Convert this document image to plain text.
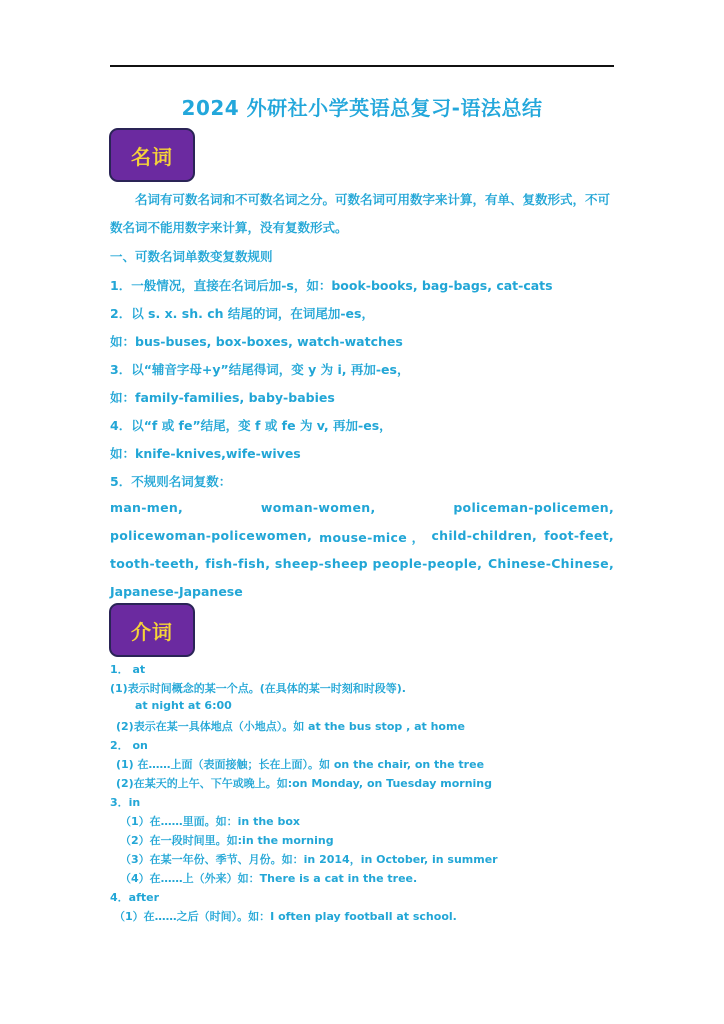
2024 外研社小学英语总复习-语法总结
名词
名词有可数名词和不可数名词之分。可数名词可用数字来计算，有单、复数形式，不可数名词不能用数字来计算，没有复数形式。
一、可数名词单数变复数规则
1．一般情况，直接在名词后加-s，如：book-books, bag-bags, cat-cats
2．以 s. x. sh. ch 结尾的词，在词尾加-es，
如：bus-buses, box-boxes, watch-watches
3．以“辅音字母+y”结尾得词，变 y 为 i, 再加-es，
如：family-families, baby-babies
4．以“f 或 fe”结尾，变 f 或 fe 为 v, 再加-es，
如：knife-knives,wife-wives
5．不规则名词复数：
man-men,	woman-women,	policeman-policemen,
policewoman-policewomen, mouse-mice ， child-children, foot-feet,
tooth-teeth, fish-fish, sheep-sheep people-people, Chinese-Chinese,
Japanese-Japanese
介词
1． at
(1)表示时间概念的某一个点。(在具体的某一时刻和时段等).
at night at 6:00
(2)表示在某一具体地点（小地点）。如 at the bus stop , at home
2． on
(1) 在……上面（表面接触；长在上面）。如 on the chair, on the tree
(2)在某天的上午、下午或晚上。如:on Monday, on Tuesday morning
3．in
（1）在……里面。如：in the box
（2）在一段时间里。如:in the morning
（3）在某一年份、季节、月份。如：in 2014，in October, in summer
（4）在……上（外来）如：There is a cat in the tree.
4．after
（1）在……之后（时间）。如：I often play football at school.
